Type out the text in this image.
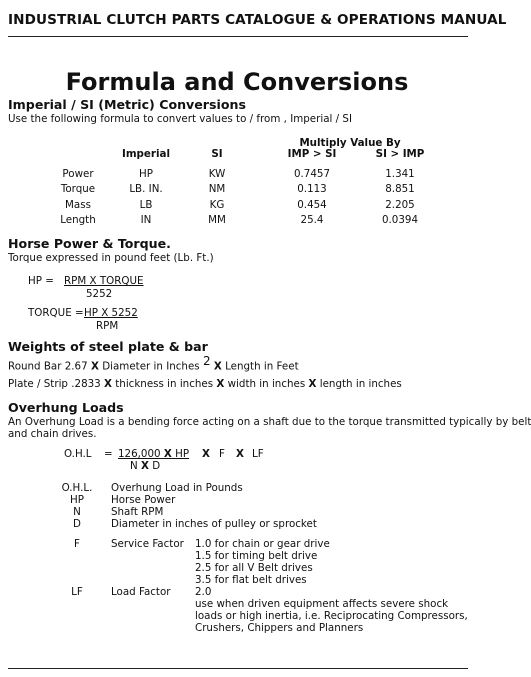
INDUSTRIAL CLUTCH PARTS CATALOGUE & OPERATIONS MANUAL
Formula and Conversions
Imperial / SI (Metric) Conversions
Use the following formula to convert values to / from , Imperial / SI
Multiply Value By
Imperial	SI	IMP > SI	SI > IMP
Power	HP	KW	0.7457	1.341
Torque	LB. IN.	NM	0.113	8.851
Mass	LB	KG	0.454	2.205
Length	IN	MM	25.4	0.0394
Horse Power & Torque.
Torque expressed in pound feet (Lb. Ft.)
HP = RPM X TORQUE
5252
TORQUE = HP X 5252
RPM
Weights of steel plate & bar
Round Bar 2.67 X Diameter in Inches $^2$ X Length in Feet
Plate / Strip .2833 X thickness in inches X width in inches X length in inches
Overhung Loads
An Overhung Load is a bending force acting on a shaft due to the torque transmitted typically by belt
and chain drives.
O.H.L = 126,000 X HP
N X D
X F X LF
O.H.L.	Overhung Load in Pounds
HP	Horse Power
N	Shaft RPM
D	Diameter in inches of pulley or sprocket
F	Service Factor 1.0 for chain or gear drive
1.5 for timing belt drive
2.5 for all V Belt drives
3.5 for flat belt drives
LF	Load Factor 2.0
use when driven equipment affects severe shock
loads or high inertia, i.e. Reciprocating Compressors,
Crushers, Chippers and Planners
